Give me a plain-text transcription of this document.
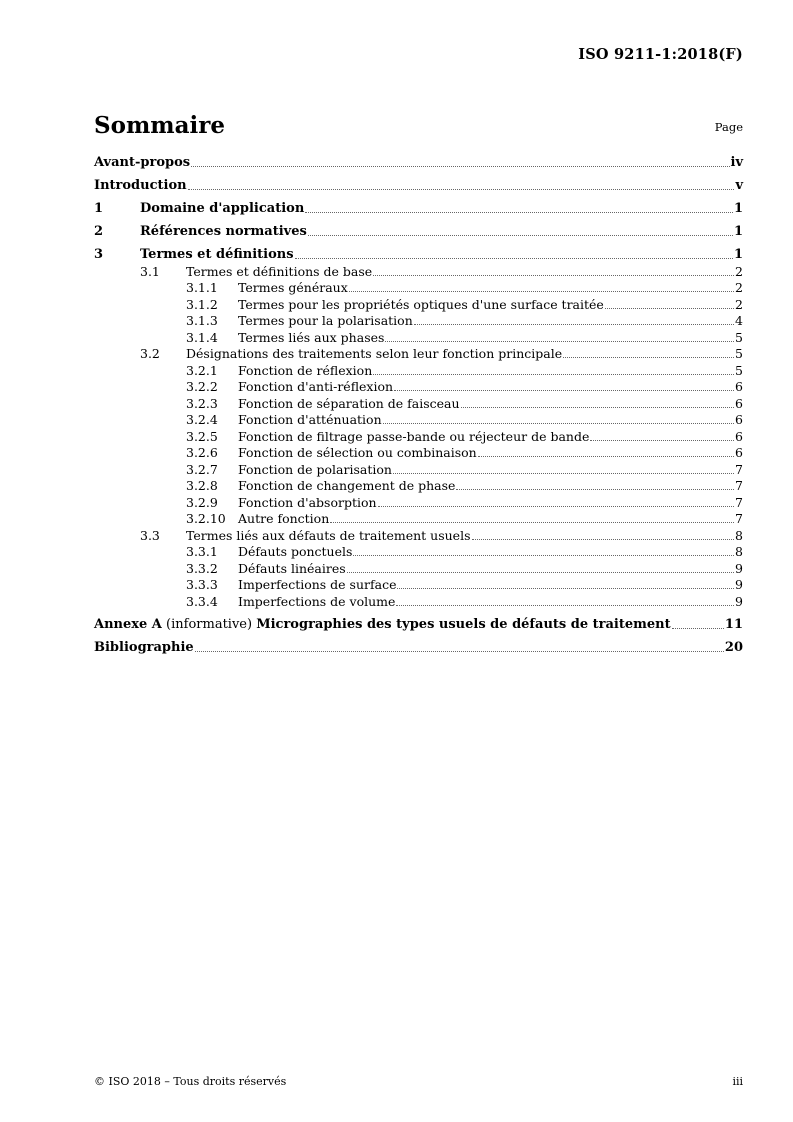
ISO 9211-1:2018(F)
Sommaire	Page
Avant-propos	iv
Introduction	v
1	Domaine d'application	1
2	Références normatives	1
3	Termes et définitions	1
3.1 Termes et définitions de base	2
3.1.1 Termes généraux	2
3.1.2 Termes pour les propriétés optiques d'une surface traitée	2
3.1.3 Termes pour la polarisation	4
3.1.4 Termes liés aux phases	5
3.2 Désignations des traitements selon leur fonction principale	5
3.2.1 Fonction de réflexion	5
3.2.2 Fonction d'anti-réflexion	6
3.2.3 Fonction de séparation de faisceau	6
3.2.4 Fonction d'atténuation	6
3.2.5 Fonction de filtrage passe-bande ou réjecteur de bande	6
3.2.6 Fonction de sélection ou combinaison	6
3.2.7 Fonction de polarisation	7
3.2.8 Fonction de changement de phase	7
3.2.9 Fonction d'absorption	7
3.2.10 Autre fonction	7
3.3 Termes liés aux défauts de traitement usuels	8
3.3.1 Défauts ponctuels	8
3.3.2 Défauts linéaires	9
3.3.3 Imperfections de surface	9
3.3.4 Imperfections de volume	9
Annexe A (informative) Micrographies des types usuels de défauts de traitement	11
Bibliographie	20
© ISO 2018 – Tous droits réservés	iii
